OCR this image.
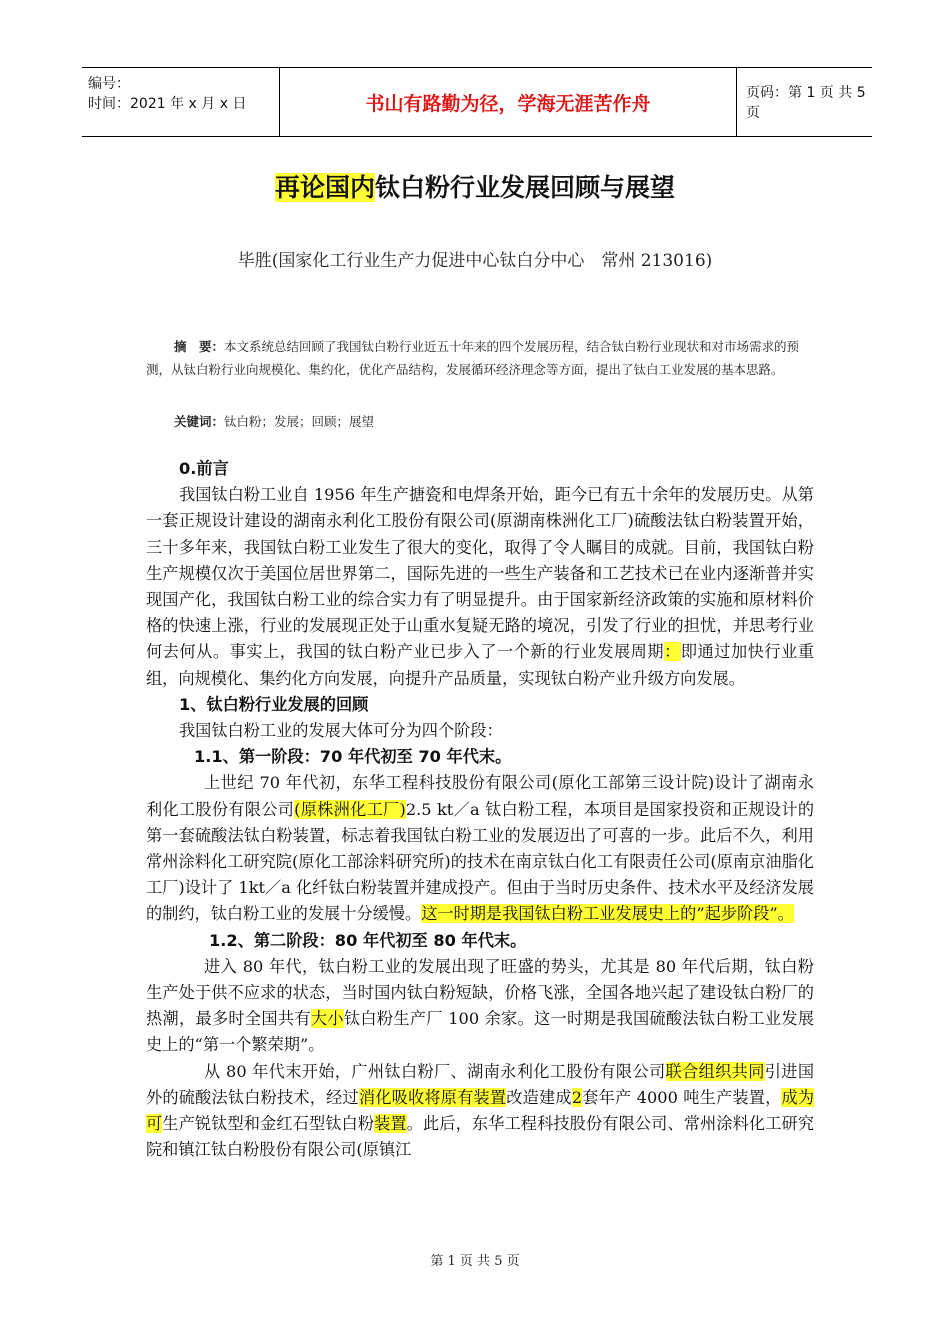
编号：
时间：2021 年 x 月 x 日	书山有路勤为径，学海无涯苦作舟	页码：第 1 页 共 5 页
再论国内钛白粉行业发展回顾与展望
毕胜(国家化工行业生产力促进中心钛白分中心　常州 213016)
摘　要：本文系统总结回顾了我国钛白粉行业近五十年来的四个发展历程，结合钛白粉行业现状和对市场需求的预测，从钛白粉行业向规模化、集约化，优化产品结构，发展循环经济理念等方面，提出了钛白工业发展的基本思路。
关键词：钛白粉；发展；回顾；展望

0.前言

我国钛白粉工业自 1956 年生产搪瓷和电焊条开始，距今已有五十余年的发展历史。从第一套正规设计建设的湖南永利化工股份有限公司(原湖南株洲化工厂)硫酸法钛白粉装置开始，三十多年来，我国钛白粉工业发生了很大的变化，取得了令人瞩目的成就。目前，我国钛白粉生产规模仅次于美国位居世界第二，国际先进的一些生产装备和工艺技术已在业内逐渐普并实现国产化，我国钛白粉工业的综合实力有了明显提升。由于国家新经济政策的实施和原材料价格的快速上涨，行业的发展现正处于山重水复疑无路的境况，引发了行业的担忧，并思考行业何去何从。事实上，我国的钛白粉产业已步入了一个新的行业发展周期：即通过加快行业重组，向规模化、集约化方向发展，向提升产品质量，实现钛白粉产业升级方向发展。

1、钛白粉行业发展的回顾

我国钛白粉工业的发展大体可分为四个阶段：

1.1、第一阶段：70 年代初至 70 年代末。

上世纪 70 年代初，东华工程科技股份有限公司(原化工部第三设计院)设计了湖南永利化工股份有限公司(原株洲化工厂)2.5 kt／a 钛白粉工程，本项目是国家投资和正规设计的第一套硫酸法钛白粉装置，标志着我国钛白粉工业的发展迈出了可喜的一步。此后不久，利用常州涂料化工研究院(原化工部涂料研究所)的技术在南京钛白化工有限责任公司(原南京油脂化工厂)设计了 1kt／a 化纤钛白粉装置并建成投产。但由于当时历史条件、技术水平及经济发展的制约，钛白粉工业的发展十分缓慢。这一时期是我国钛白粉工业发展史上的”起步阶段”。

1.2、第二阶段：80 年代初至 80 年代末。

进入 80 年代，钛白粉工业的发展出现了旺盛的势头，尤其是 80 年代后期，钛白粉生产处于供不应求的状态，当时国内钛白粉短缺，价格飞涨，全国各地兴起了建设钛白粉厂的热潮，最多时全国共有大小钛白粉生产厂 100 余家。这一时期是我国硫酸法钛白粉工业发展史上的“第一个繁荣期”。

从 80 年代末开始，广州钛白粉厂、湖南永利化工股份有限公司联合组织共同引进国外的硫酸法钛白粉技术，经过消化吸收将原有装置改造建成2套年产 4000 吨生产装置，成为可生产锐钛型和金红石型钛白粉装置。此后，东华工程科技股份有限公司、常州涂料化工研究院和镇江钛白粉股份有限公司(原镇江

第 1 页 共 5 页
